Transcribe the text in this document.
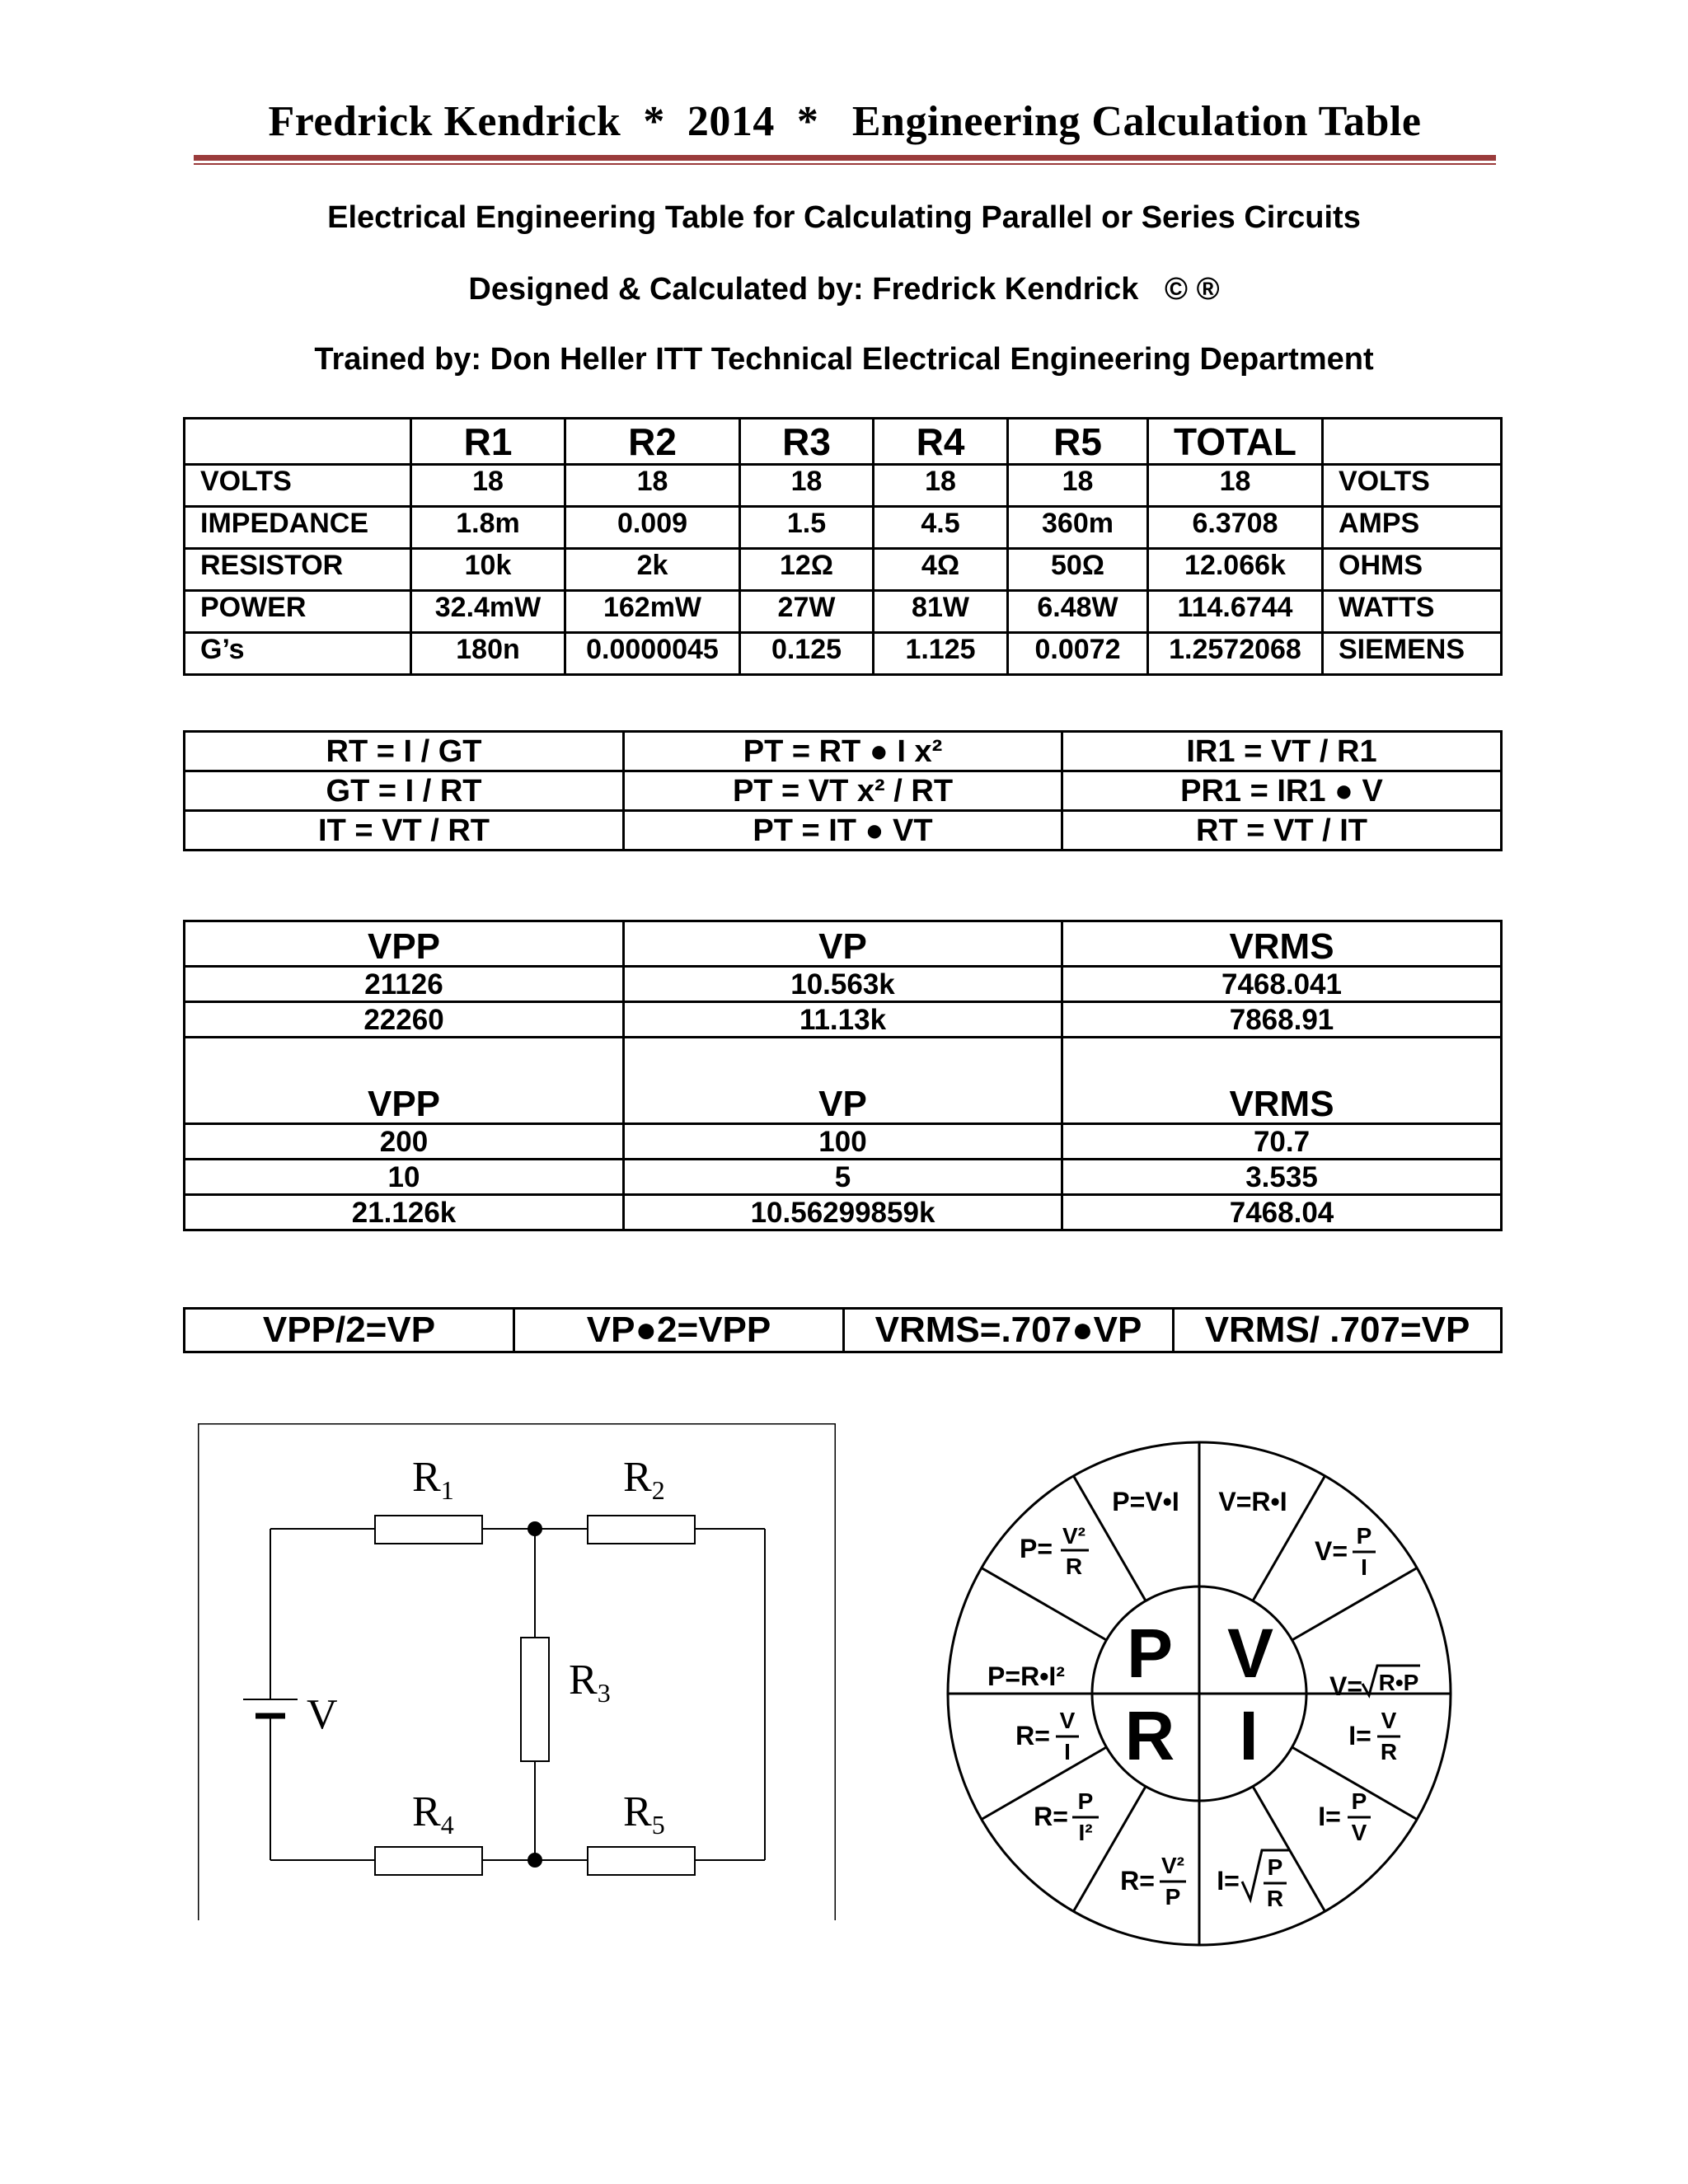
Fredrick Kendrick  *  2014  *   Engineering Calculation Table
Electrical Engineering Table for Calculating Parallel or Series Circuits
Designed & Calculated by: Fredrick Kendrick   © ®
Trained by: Don Heller ITT Technical Electrical Engineering Department
	R1	R2	R3	R4	R5	TOTAL	
VOLTS	18	18	18	18	18	18	VOLTS
IMPEDANCE	1.8m	0.009	1.5	4.5	360m	6.3708	AMPS
RESISTOR	10k	2k	12Ω	4Ω	50Ω	12.066k	OHMS
POWER	32.4mW	162mW	27W	81W	6.48W	114.6744	WATTS
G’s	180n	0.0000045	0.125	1.125	0.0072	1.2572068	SIEMENS
RT = I / GT	PT = RT ● I x²	IR1 = VT / R1
GT = I / RT	PT = VT x² / RT	PR1 = IR1 ● V
IT = VT / RT	PT = IT ● VT	RT = VT / IT
VPP	VP	VRMS
21126	10.563k	7468.041
22260	11.13k	7868.91
VPP	VP	VRMS
200	100	70.7
10	5	3.535
21.126k	10.56299859k	7468.04
VPP/2=VP	VP●2=VPP	VRMS=.707●VP	VRMS/ .707=VP
R1	R2
R3
R4	R5
V
P V
R I
P=V•I V=R•I
P=R•I²
P= V²
R
V=
P
I
V= R•P
R=
V
I
I=
V
R
R=
P
I²
I=
P
V
R=
V²
P
I= P
R
